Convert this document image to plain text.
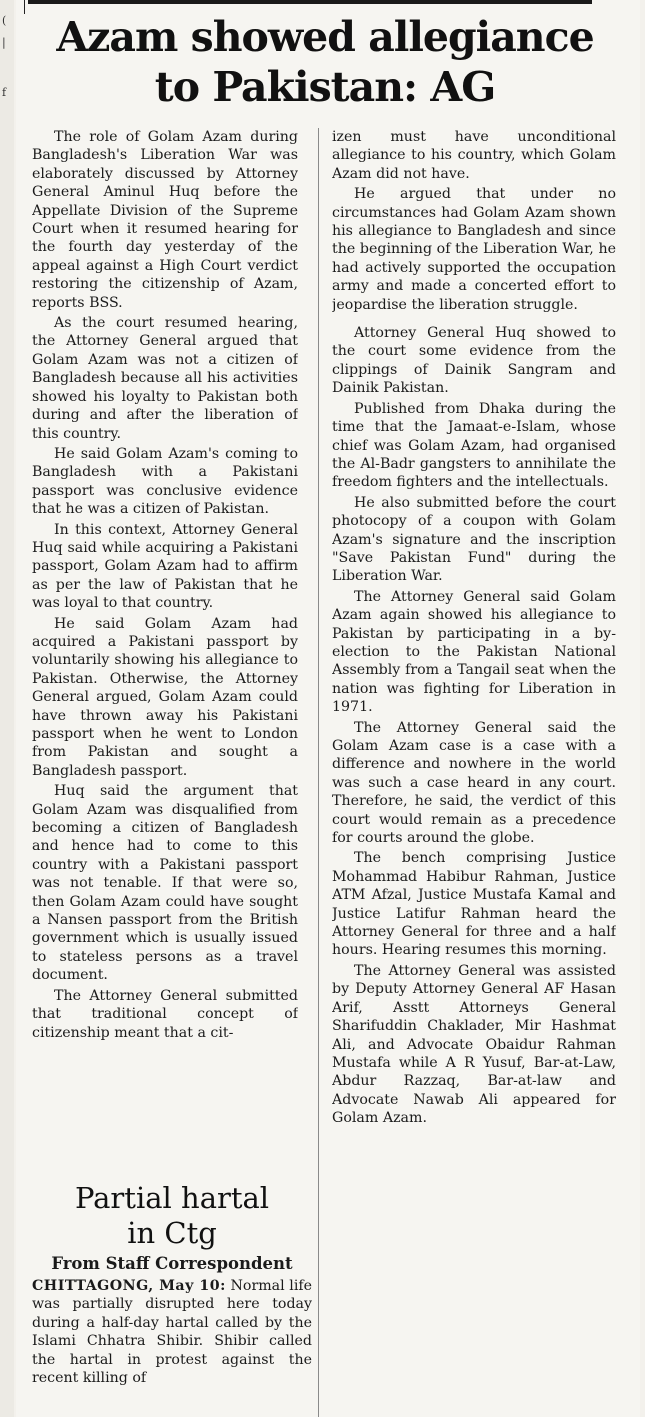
(
|
f
Azam showed allegiance
to Pakistan: AG

The role of Golam Azam during Bangladesh's Liberation War was elaborately discussed by Attorney General Aminul Huq before the Appellate Division of the Supreme Court when it resumed hearing for the fourth day yesterday of the appeal against a High Court verdict restoring the citizenship of Azam, reports BSS.

As the court resumed hearing, the Attorney General argued that Golam Azam was not a citizen of Bangladesh because all his activities showed his loyalty to Pakistan both during and after the liberation of this country.

He said Golam Azam's coming to Bangladesh with a Pakistani passport was conclusive evidence that he was a citizen of Pakistan.

In this context, Attorney General Huq said while acquiring a Pakistani passport, Golam Azam had to affirm as per the law of Pakistan that he was loyal to that country.

He said Golam Azam had acquired a Pakistani passport by voluntarily showing his allegiance to Pakistan. Otherwise, the Attorney General argued, Golam Azam could have thrown away his Pakistani passport when he went to London from Pakistan and sought a Bangladesh passport.

Huq said the argument that Golam Azam was disqualified from becoming a citizen of Bangladesh and hence had to come to this country with a Pakistani passport was not tenable. If that were so, then Golam Azam could have sought a Nansen passport from the British government which is usually issued to stateless persons as a travel document.

The Attorney General submitted that traditional concept of citizenship meant that a cit-

izen must have unconditional allegiance to his country, which Golam Azam did not have.

He argued that under no circumstances had Golam Azam shown his allegiance to Bangladesh and since the beginning of the Liberation War, he had actively supported the occupation army and made a concerted effort to jeopardise the liberation struggle.

Attorney General Huq showed to the court some evidence from the clippings of Dainik Sangram and Dainik Pakistan.

Published from Dhaka during the time that the Jamaat-e-Islam, whose chief was Golam Azam, had organised the Al-Badr gangsters to annihilate the freedom fighters and the intellectuals.

He also submitted before the court photocopy of a coupon with Golam Azam's signature and the inscription "Save Pakistan Fund" during the Liberation War.

The Attorney General said Golam Azam again showed his allegiance to Pakistan by participating in a by-election to the Pakistan National Assembly from a Tangail seat when the nation was fighting for Liberation in 1971.

The Attorney General said the Golam Azam case is a case with a difference and nowhere in the world was such a case heard in any court. Therefore, he said, the verdict of this court would remain as a precedence for courts around the globe.

The bench comprising Justice Mohammad Habibur Rahman, Justice ATM Afzal, Justice Mustafa Kamal and Justice Latifur Rahman heard the Attorney General for three and a half hours. Hearing resumes this morning.

The Attorney General was assisted by Deputy Attorney General AF Hasan Arif, Asstt Attorneys General Sharifuddin Chaklader, Mir Hashmat Ali, and Advocate Obaidur Rahman Mustafa while A R Yusuf, Bar-at-Law, Abdur Razzaq, Bar-at-law and Advocate Nawab Ali appeared for Golam Azam.

Partial hartal
in Ctg
From Staff Correspondent
CHITTAGONG, May 10: Normal life was partially disrupted here today during a half-day hartal called by the Islami Chhatra Shibir. Shibir called the hartal in protest against the recent killing of
